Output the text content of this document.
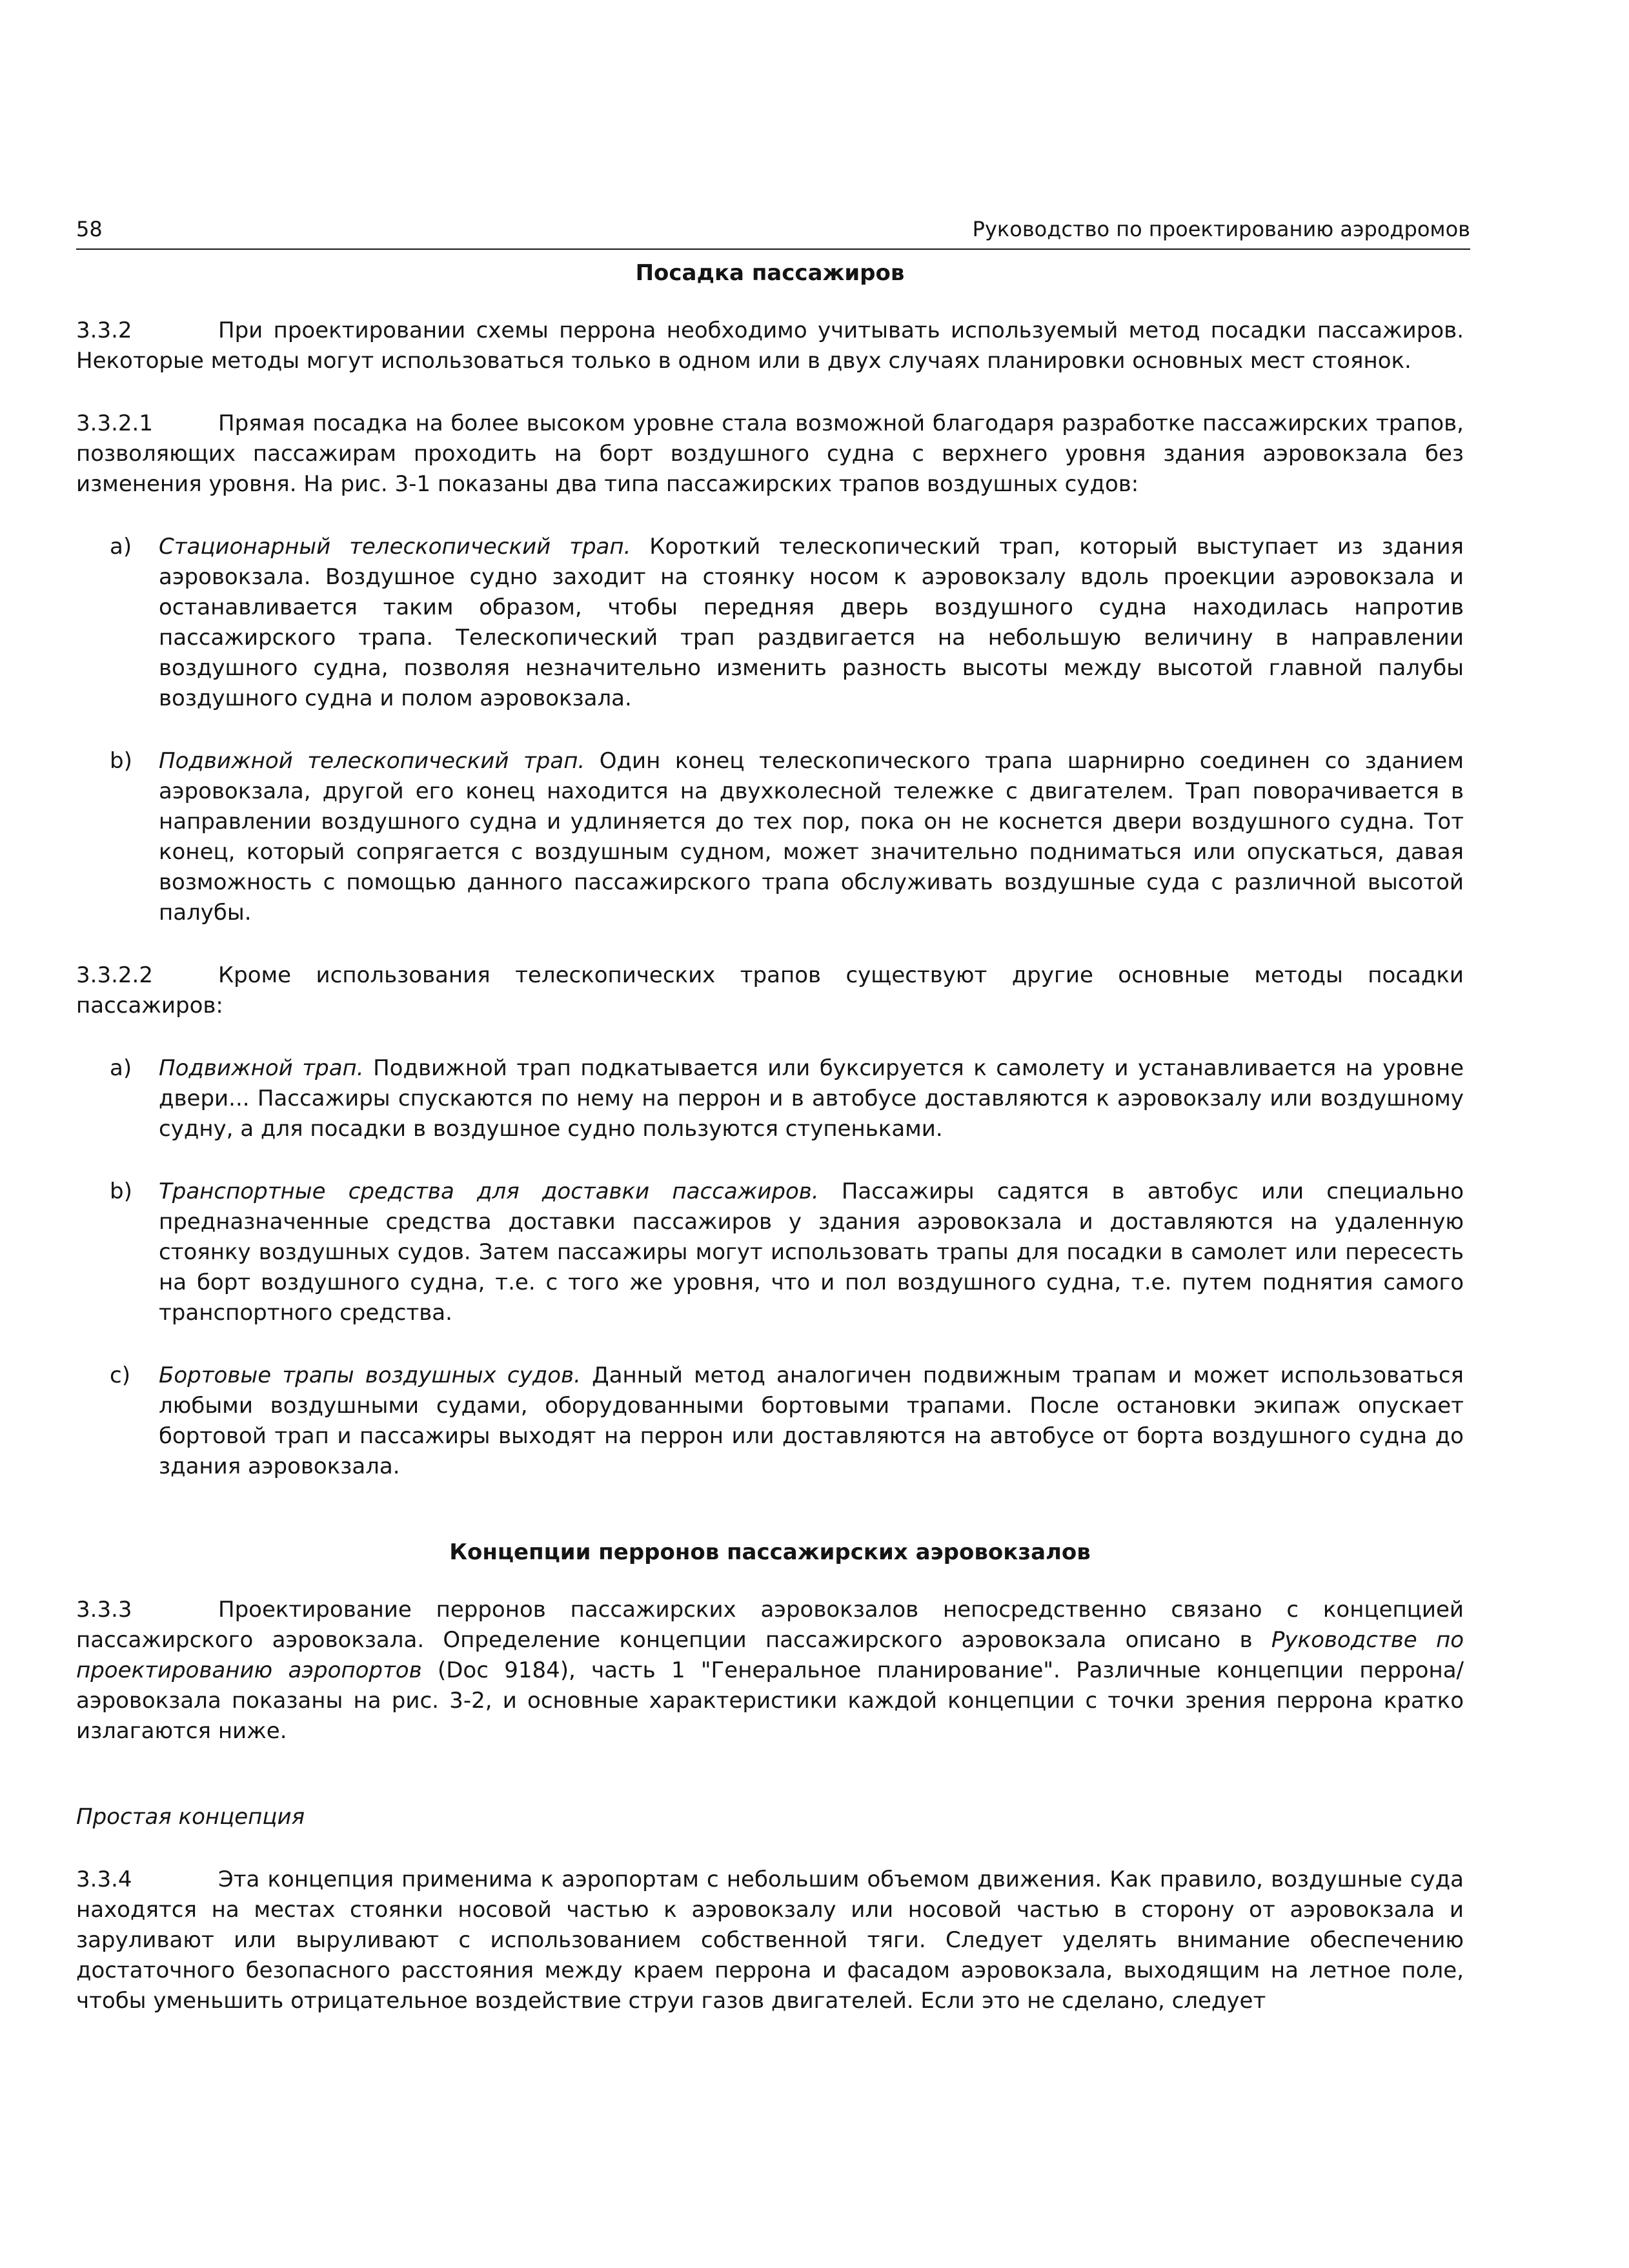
58	Руководство по проектированию аэродромов
Посадка пассажиров

3.3.2	При проектировании схемы перрона необходимо учитывать используемый метод посадки пассажиров. Некоторые методы могут использоваться только в одном или в двух случаях планировки основных мест стоянок.

3.3.2.1	Прямая посадка на более высоком уровне стала возможной благодаря разработке пассажирских трапов, позволяющих пассажирам проходить на борт воздушного судна с верхнего уровня здания аэровокзала без изменения уровня. На рис. 3-1 показаны два типа пассажирских трапов воздушных судов:

a) Стационарный телескопический трап. Короткий телескопический трап, который выступает из здания аэровокзала. Воздушное судно заходит на стоянку носом к аэровокзалу вдоль проекции аэровокзала и останавливается таким образом, чтобы передняя дверь воздушного судна находилась напротив пассажирского трапа. Телескопический трап раздвигается на небольшую величину в направлении воздушного судна, позволяя незначительно изменить разность высоты между высотой главной палубы воздушного судна и полом аэровокзала.
b) Подвижной телескопический трап. Один конец телескопического трапа шарнирно соединен со зданием аэровокзала, другой его конец находится на двухколесной тележке с двигателем. Трап поворачивается в направлении воздушного судна и удлиняется до тех пор, пока он не коснется двери воздушного судна. Тот конец, который сопрягается с воздушным судном, может значительно подниматься или опускаться, давая возможность с помощью данного пассажирского трапа обслуживать воздушные суда с различной высотой палубы.

3.3.2.2	Кроме использования телескопических трапов существуют другие основные методы посадки пассажиров:

a) Подвижной трап. Подвижной трап подкатывается или буксируется к самолету и устанавливается на уровне двери... Пассажиры спускаются по нему на перрон и в автобусе доставляются к аэровокзалу или воздушному судну, а для посадки в воздушное судно пользуются ступеньками.
b) Транспортные средства для доставки пассажиров. Пассажиры садятся в автобус или специально предназначенные средства доставки пассажиров у здания аэровокзала и доставляются на удаленную стоянку воздушных судов. Затем пассажиры могут использовать трапы для посадки в самолет или пересесть на борт воздушного судна, т.е. с того же уровня, что и пол воздушного судна, т.е. путем поднятия самого транспортного средства.
c) Бортовые трапы воздушных судов. Данный метод аналогичен подвижным трапам и может использоваться любыми воздушными судами, оборудованными бортовыми трапами. После остановки экипаж опускает бортовой трап и пассажиры выходят на перрон или доставляются на автобусе от борта воздушного судна до здания аэровокзала.
Концепции перронов пассажирских аэровокзалов

3.3.3	Проектирование перронов пассажирских аэровокзалов непосредственно связано с концепцией пассажирского аэровокзала. Определение концепции пассажирского аэровокзала описано в Руководстве по проектированию аэропортов (Doc 9184), часть 1 "Генеральное планирование". Различные концепции перрона/аэровокзала показаны на рис. 3-2, и основные характеристики каждой концепции с точки зрения перрона кратко излагаются ниже.

Простая концепция

3.3.4	Эта концепция применима к аэропортам с небольшим объемом движения. Как правило, воздушные суда находятся на местах стоянки носовой частью к аэровокзалу или носовой частью в сторону от аэровокзала и заруливают или выруливают с использованием собственной тяги. Следует уделять внимание обеспечению достаточного безопасного расстояния между краем перрона и фасадом аэровокзала, выходящим на летное поле, чтобы уменьшить отрицательное воздействие струи газов двигателей. Если это не сделано, следует
